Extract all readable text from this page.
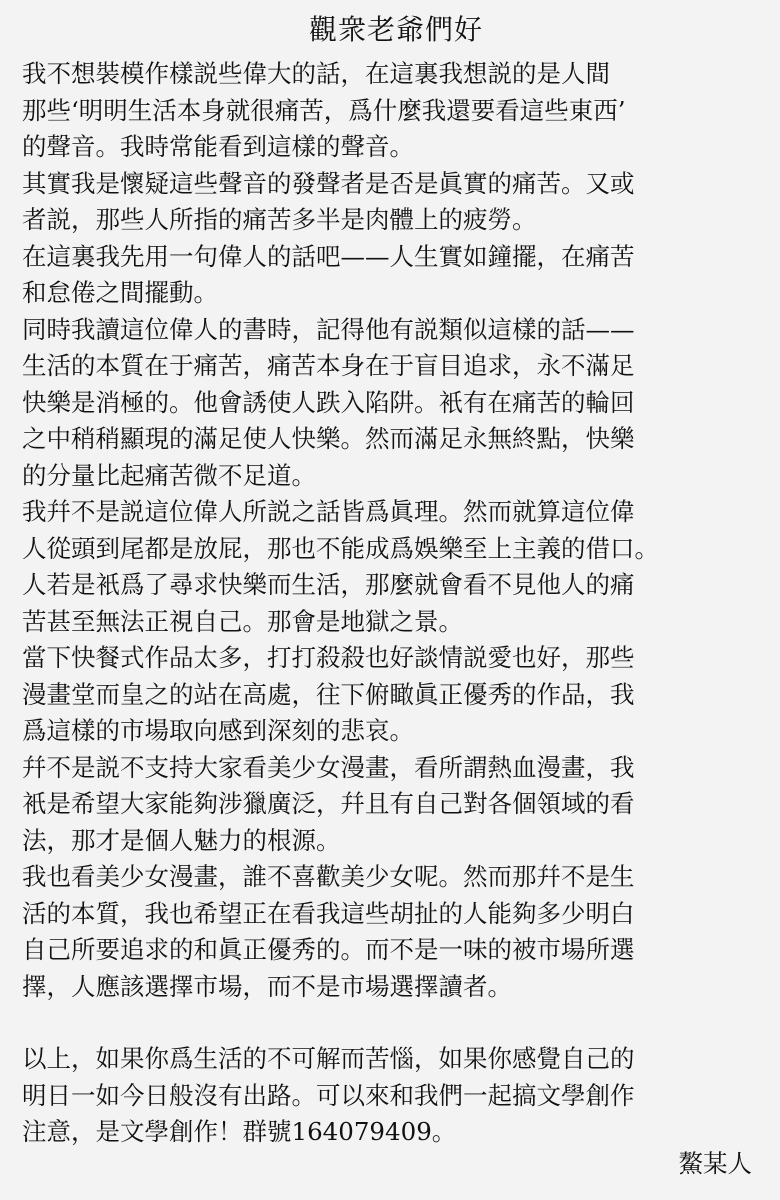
觀衆老爺們好
我不想裝模作樣説些偉大的話，在這裏我想説的是人間
那些‘明明生活本身就很痛苦，爲什麼我還要看這些東西’
的聲音。我時常能看到這樣的聲音。
其實我是懷疑這些聲音的發聲者是否是眞實的痛苦。又或
者説，那些人所指的痛苦多半是肉體上的疲勞。
在這裏我先用一句偉人的話吧——人生實如鐘擺，在痛苦
和怠倦之間擺動。
同時我讀這位偉人的書時，記得他有説類似這樣的話——
生活的本質在于痛苦，痛苦本身在于盲目追求，永不滿足
快樂是消極的。他會誘使人跌入陷阱。衹有在痛苦的輪回
之中稍稍顯現的滿足使人快樂。然而滿足永無終點，快樂
的分量比起痛苦微不足道。
我幷不是説這位偉人所説之話皆爲眞理。然而就算這位偉
人從頭到尾都是放屁，那也不能成爲娛樂至上主義的借口。
人若是衹爲了尋求快樂而生活，那麼就會看不見他人的痛
苦甚至無法正視自己。那會是地獄之景。
當下快餐式作品太多，打打殺殺也好談情説愛也好，那些
漫畫堂而皇之的站在高處，往下俯瞰眞正優秀的作品，我
爲這樣的市場取向感到深刻的悲哀。
幷不是説不支持大家看美少女漫畫，看所謂熱血漫畫，我
衹是希望大家能夠涉獵廣泛，幷且有自己對各個領域的看
法，那才是個人魅力的根源。
我也看美少女漫畫，誰不喜歡美少女呢。然而那幷不是生
活的本質，我也希望正在看我這些胡扯的人能夠多少明白
自己所要追求的和眞正優秀的。而不是一味的被市場所選
擇，人應該選擇市場，而不是市場選擇讀者。
以上，如果你爲生活的不可解而苦惱，如果你感覺自己的
明日一如今日般沒有出路。可以來和我們一起搞文學創作
注意，是文學創作！群號164079409。
鰲某人
